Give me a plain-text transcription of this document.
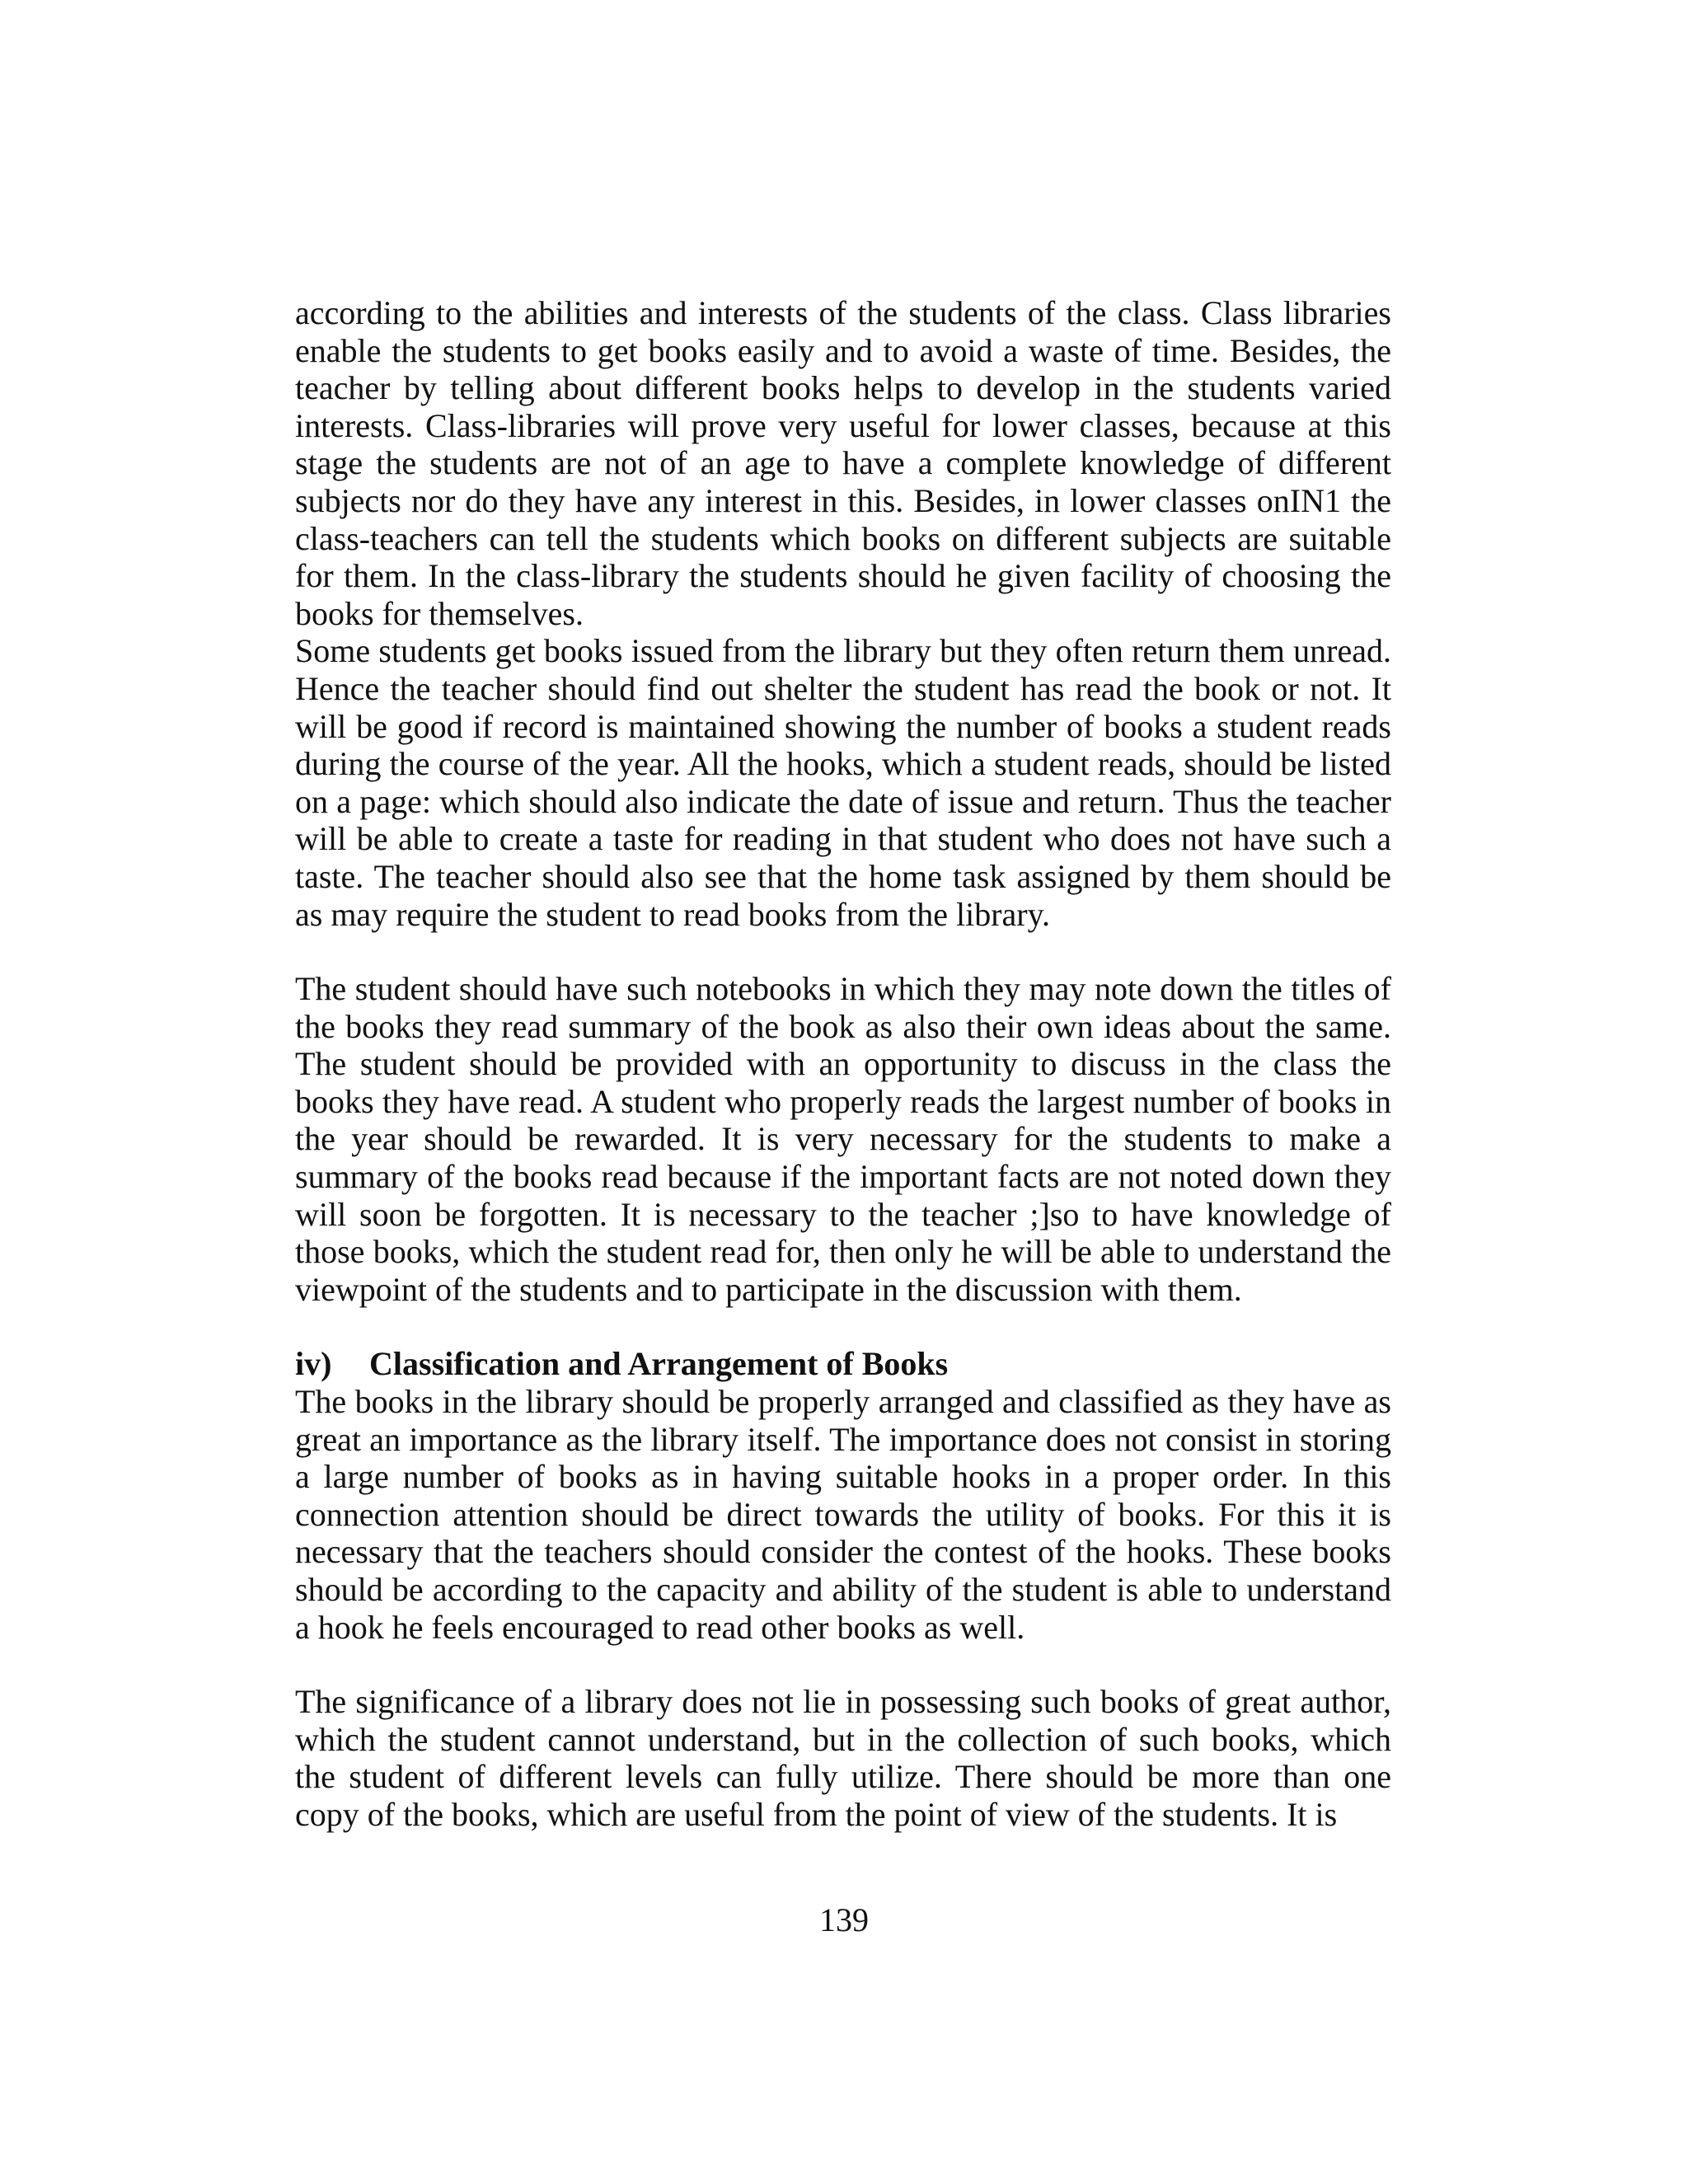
according to the abilities and interests of the students of the class. Class libraries enable the students to get books easily and to avoid a waste of time. Besides, the teacher by telling about different books helps to develop in the students varied interests. Class-libraries will prove very useful for lower classes, because at this stage the students are not of an age to have a complete knowledge of different subjects nor do they have any interest in this. Besides, in lower classes onIN1 the class-teachers can tell the students which books on different subjects are suitable for them. In the class-library the students should he given facility of choosing the books for themselves.

Some students get books issued from the library but they often return them unread. Hence the teacher should find out shelter the student has read the book or not. It will be good if record is maintained showing the number of books a student reads during the course of the year. All the hooks, which a student reads, should be listed on a page: which should also indicate the date of issue and return. Thus the teacher will be able to create a taste for reading in that student who does not have such a taste. The teacher should also see that the home task assigned by them should be as may require the student to read books from the library.

The student should have such notebooks in which they may note down the titles of the books they read summary of the book as also their own ideas about the same. The student should be provided with an opportunity to discuss in the class the books they have read. A student who properly reads the largest number of books in the year should be rewarded. It is very necessary for the students to make a summary of the books read because if the important facts are not noted down they will soon be forgotten. It is necessary to the teacher ;]so to have knowledge of those books, which the student read for, then only he will be able to understand the viewpoint of the students and to participate in the discussion with them.

iv)	Classification and Arrangement of Books

The books in the library should be properly arranged and classified as they have as great an importance as the library itself. The importance does not consist in storing a large number of books as in having suitable hooks in a proper order. In this connection attention should be direct towards the utility of books. For this it is necessary that the teachers should consider the contest of the hooks. These books should be according to the capacity and ability of the student is able to understand a hook he feels encouraged to read other books as well.

The significance of a library does not lie in possessing such books of great author, which the student cannot understand, but in the collection of such books, which the student of different levels can fully utilize. There should be more than one copy of the books, which are useful from the point of view of the students. It is

139
